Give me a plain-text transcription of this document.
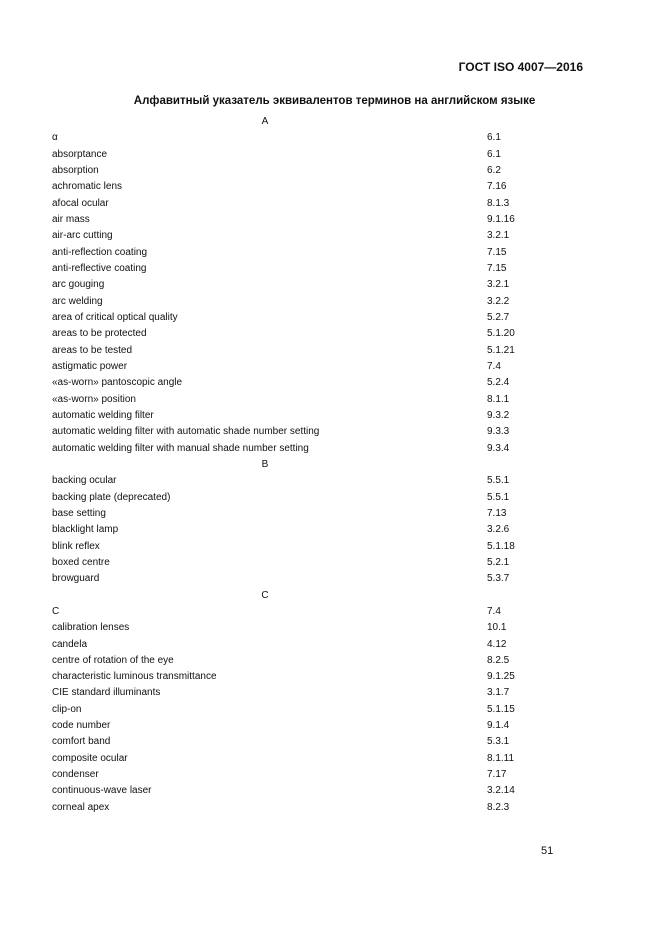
ГОСТ ISO 4007—2016
Алфавитный указатель эквивалентов терминов на английском языке
A
α	6.1
absorptance	6.1
absorption	6.2
achromatic lens	7.16
afocal ocular	8.1.3
air mass	9.1.16
air-arc cutting	3.2.1
anti-reflection coating	7.15
anti-reflective coating	7.15
arc gouging	3.2.1
arc welding	3.2.2
area of critical optical quality	5.2.7
areas to be protected	5.1.20
areas to be tested	5.1.21
astigmatic power	7.4
«as-worn» pantoscopic angle	5.2.4
«as-worn» position	8.1.1
automatic welding filter	9.3.2
automatic welding filter with automatic shade number setting	9.3.3
automatic welding filter with manual shade number setting	9.3.4
B
backing ocular	5.5.1
backing plate (deprecated)	5.5.1
base setting	7.13
blacklight lamp	3.2.6
blink reflex	5.1.18
boxed centre	5.2.1
browguard	5.3.7
C
C	7.4
calibration lenses	10.1
candela	4.12
centre of rotation of the eye	8.2.5
characteristic luminous transmittance	9.1.25
CIE standard illuminants	3.1.7
clip-on	5.1.15
code number	9.1.4
comfort band	5.3.1
composite ocular	8.1.11
condenser	7.17
continuous-wave laser	3.2.14
corneal apex	8.2.3
51
